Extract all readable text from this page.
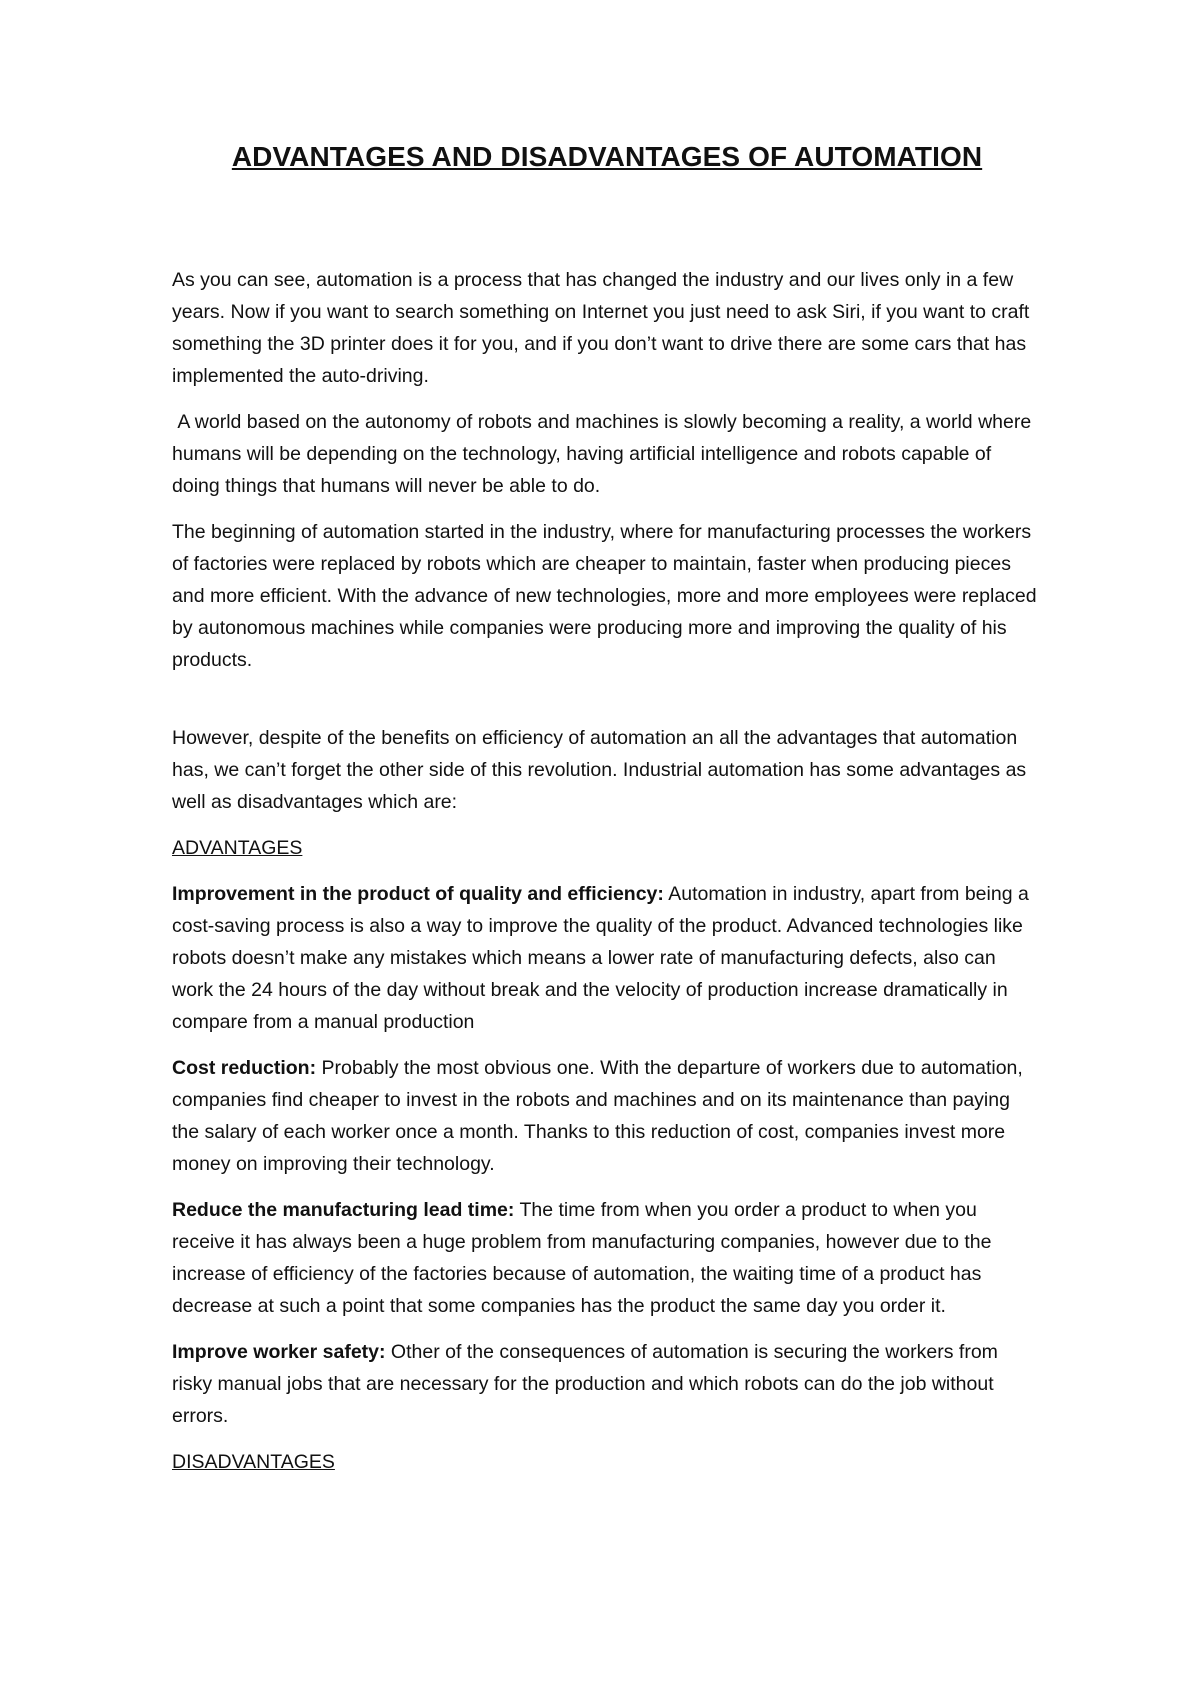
ADVANTAGES AND DISADVANTAGES OF AUTOMATION

As you can see, automation is a process that has changed the industry and our lives only in a few years. Now if you want to search something on Internet you just need to ask Siri, if you want to craft something the 3D printer does it for you, and if you don’t want to drive there are some cars that has implemented the auto-driving.

A world based on the autonomy of robots and machines is slowly becoming a reality, a world where humans will be depending on the technology, having artificial intelligence and robots capable of doing things that humans will never be able to do.

The beginning of automation started in the industry, where for manufacturing processes the workers of factories were replaced by robots which are cheaper to maintain, faster when producing pieces and more efficient. With the advance of new technologies, more and more employees were replaced by autonomous machines while companies were producing more and improving the quality of his products.

However, despite of the benefits on efficiency of automation an all the advantages that automation has, we can’t forget the other side of this revolution. Industrial automation has some advantages as well as disadvantages which are:

ADVANTAGES

Improvement in the product of quality and efficiency: Automation in industry, apart from being a cost-saving process is also a way to improve the quality of the product. Advanced technologies like robots doesn’t make any mistakes which means a lower rate of manufacturing defects, also can work the 24 hours of the day without break and the velocity of production increase dramatically in compare from a manual production

Cost reduction: Probably the most obvious one. With the departure of workers due to automation, companies find cheaper to invest in the robots and machines and on its maintenance than paying the salary of each worker once a month. Thanks to this reduction of cost, companies invest more money on improving their technology.

Reduce the manufacturing lead time: The time from when you order a product to when you receive it has always been a huge problem from manufacturing companies, however due to the increase of efficiency of the factories because of automation, the waiting time of a product has decrease at such a point that some companies has the product the same day you order it.

Improve worker safety: Other of the consequences of automation is securing the workers from risky manual jobs that are necessary for the production and which robots can do the job without errors.

DISADVANTAGES
